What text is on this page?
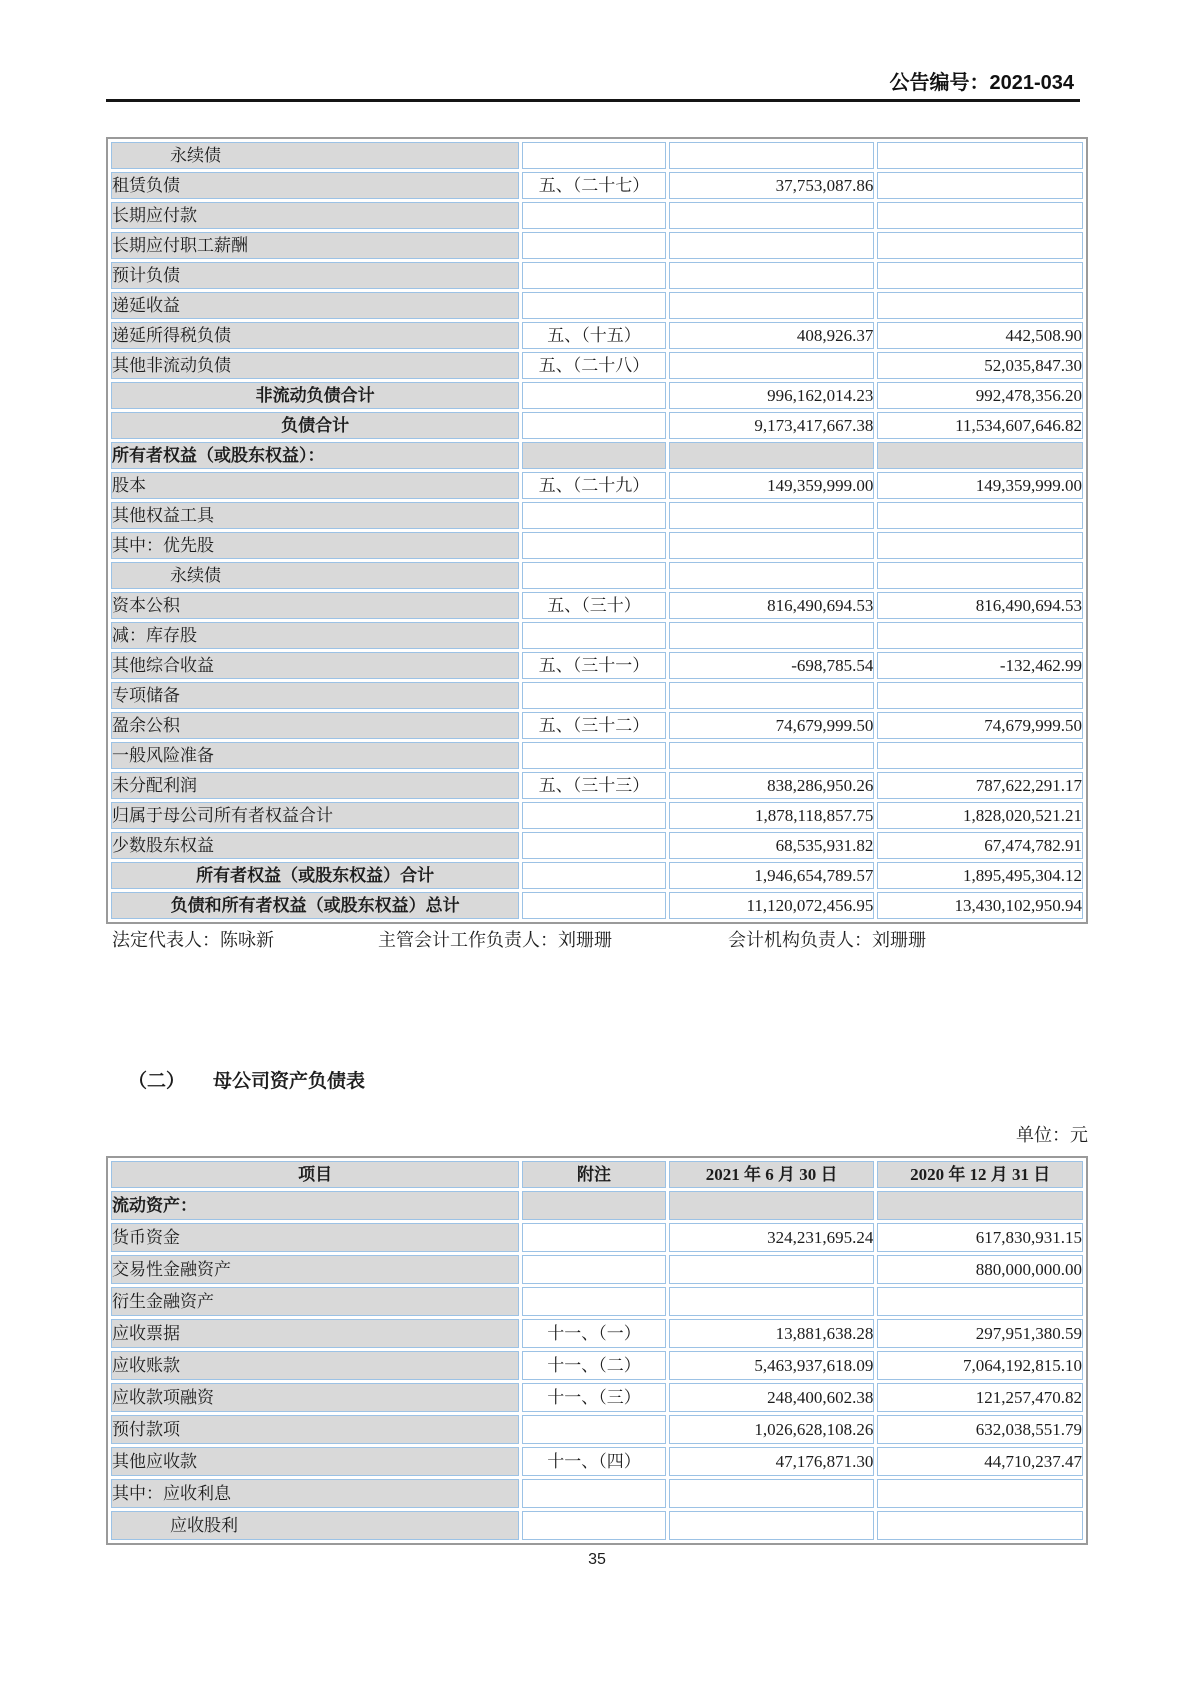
公告编号：2021-034
永续债			
租赁负债	五、（二十七）	37,753,087.86	
长期应付款			
长期应付职工薪酬			
预计负债			
递延收益			
递延所得税负债	五、（十五）	408,926.37	442,508.90
其他非流动负债	五、（二十八）		52,035,847.30
非流动负债合计		996,162,014.23	992,478,356.20
负债合计		9,173,417,667.38	11,534,607,646.82
所有者权益（或股东权益）：			
股本	五、（二十九）	149,359,999.00	149,359,999.00
其他权益工具			
其中：优先股			
永续债			
资本公积	五、（三十）	816,490,694.53	816,490,694.53
减：库存股			
其他综合收益	五、（三十一）	-698,785.54	-132,462.99
专项储备			
盈余公积	五、（三十二）	74,679,999.50	74,679,999.50
一般风险准备			
未分配利润	五、（三十三）	838,286,950.26	787,622,291.17
归属于母公司所有者权益合计		1,878,118,857.75	1,828,020,521.21
少数股东权益		68,535,931.82	67,474,782.91
所有者权益（或股东权益）合计		1,946,654,789.57	1,895,495,304.12
负债和所有者权益（或股东权益）总计		11,120,072,456.95	13,430,102,950.94
法定代表人：陈咏新	主管会计工作负责人：刘珊珊	会计机构负责人：刘珊珊
（二） 母公司资产负债表
单位：元
项目	附注	2021 年 6 月 30 日	2020 年 12 月 31 日
流动资产：			
货币资金		324,231,695.24	617,830,931.15
交易性金融资产			880,000,000.00
衍生金融资产			
应收票据	十一、（一）	13,881,638.28	297,951,380.59
应收账款	十一、（二）	5,463,937,618.09	7,064,192,815.10
应收款项融资	十一、（三）	248,400,602.38	121,257,470.82
预付款项		1,026,628,108.26	632,038,551.79
其他应收款	十一、（四）	47,176,871.30	44,710,237.47
其中：应收利息			
应收股利			
35
